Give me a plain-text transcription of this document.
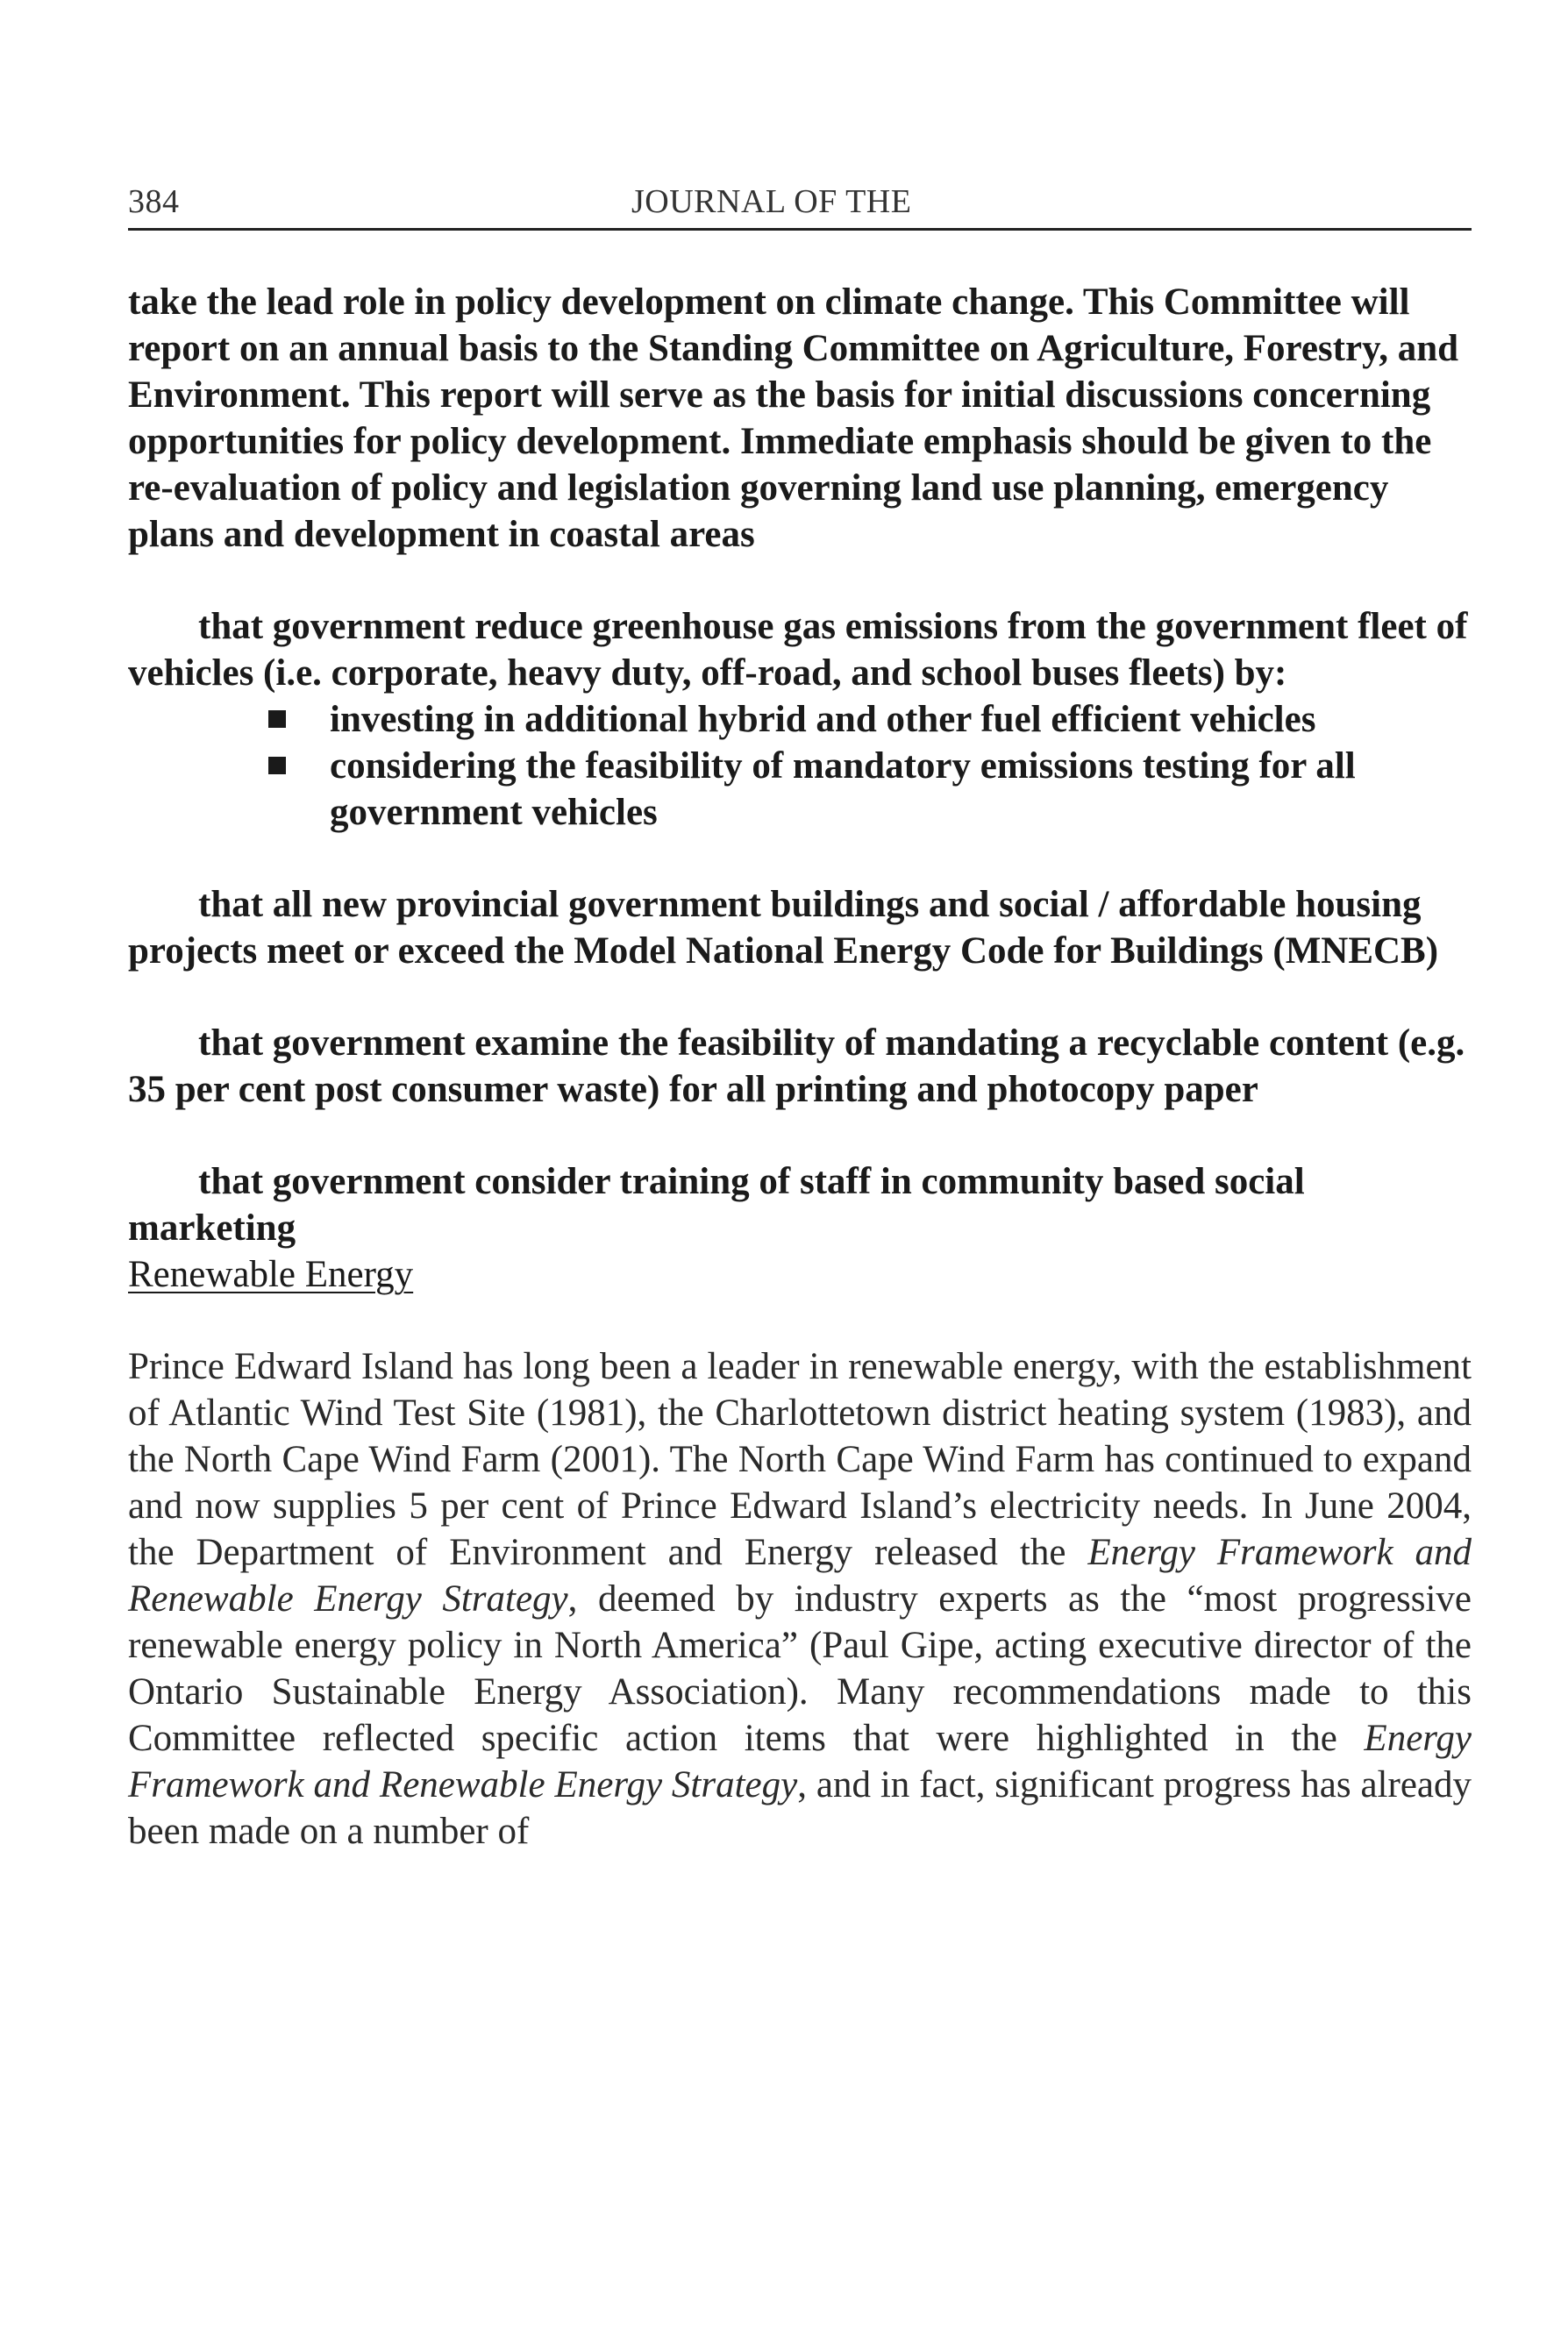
384	JOURNAL OF THE

take the lead role in policy development on climate change. This Committee will report on an annual basis to the Standing Committee on Agriculture, Forestry, and Environment. This report will serve as the basis for initial discussions concerning opportunities for policy development. Immediate emphasis should be given to the re-evaluation of policy and legislation governing land use planning, emergency plans and development in coastal areas

that government reduce greenhouse gas emissions from the government fleet of vehicles (i.e. corporate, heavy duty, off-road, and school buses fleets) by:

investing in additional hybrid and other fuel efficient vehicles
considering the feasibility of mandatory emissions testing for all government vehicles

that all new provincial government buildings and social / affordable housing projects meet or exceed the Model National Energy Code for Buildings (MNECB)

that government examine the feasibility of mandating a recyclable content (e.g. 35 per cent post consumer waste) for all printing and photocopy paper

that government consider training of staff in community based social marketing

Renewable Energy

Prince Edward Island has long been a leader in renewable energy, with the establishment of Atlantic Wind Test Site (1981), the Charlottetown district heating system (1983), and the North Cape Wind Farm (2001). The North Cape Wind Farm has continued to expand and now supplies 5 per cent of Prince Edward Island’s electricity needs. In June 2004, the Department of Environment and Energy released the Energy Framework and Renewable Energy Strategy, deemed by industry experts as the “most progressive renewable energy policy in North America” (Paul Gipe, acting executive director of the Ontario Sustainable Energy Association). Many recommendations made to this Committee reflected specific action items that were highlighted in the Energy Framework and Renewable Energy Strategy, and in fact, significant progress has already been made on a number of
